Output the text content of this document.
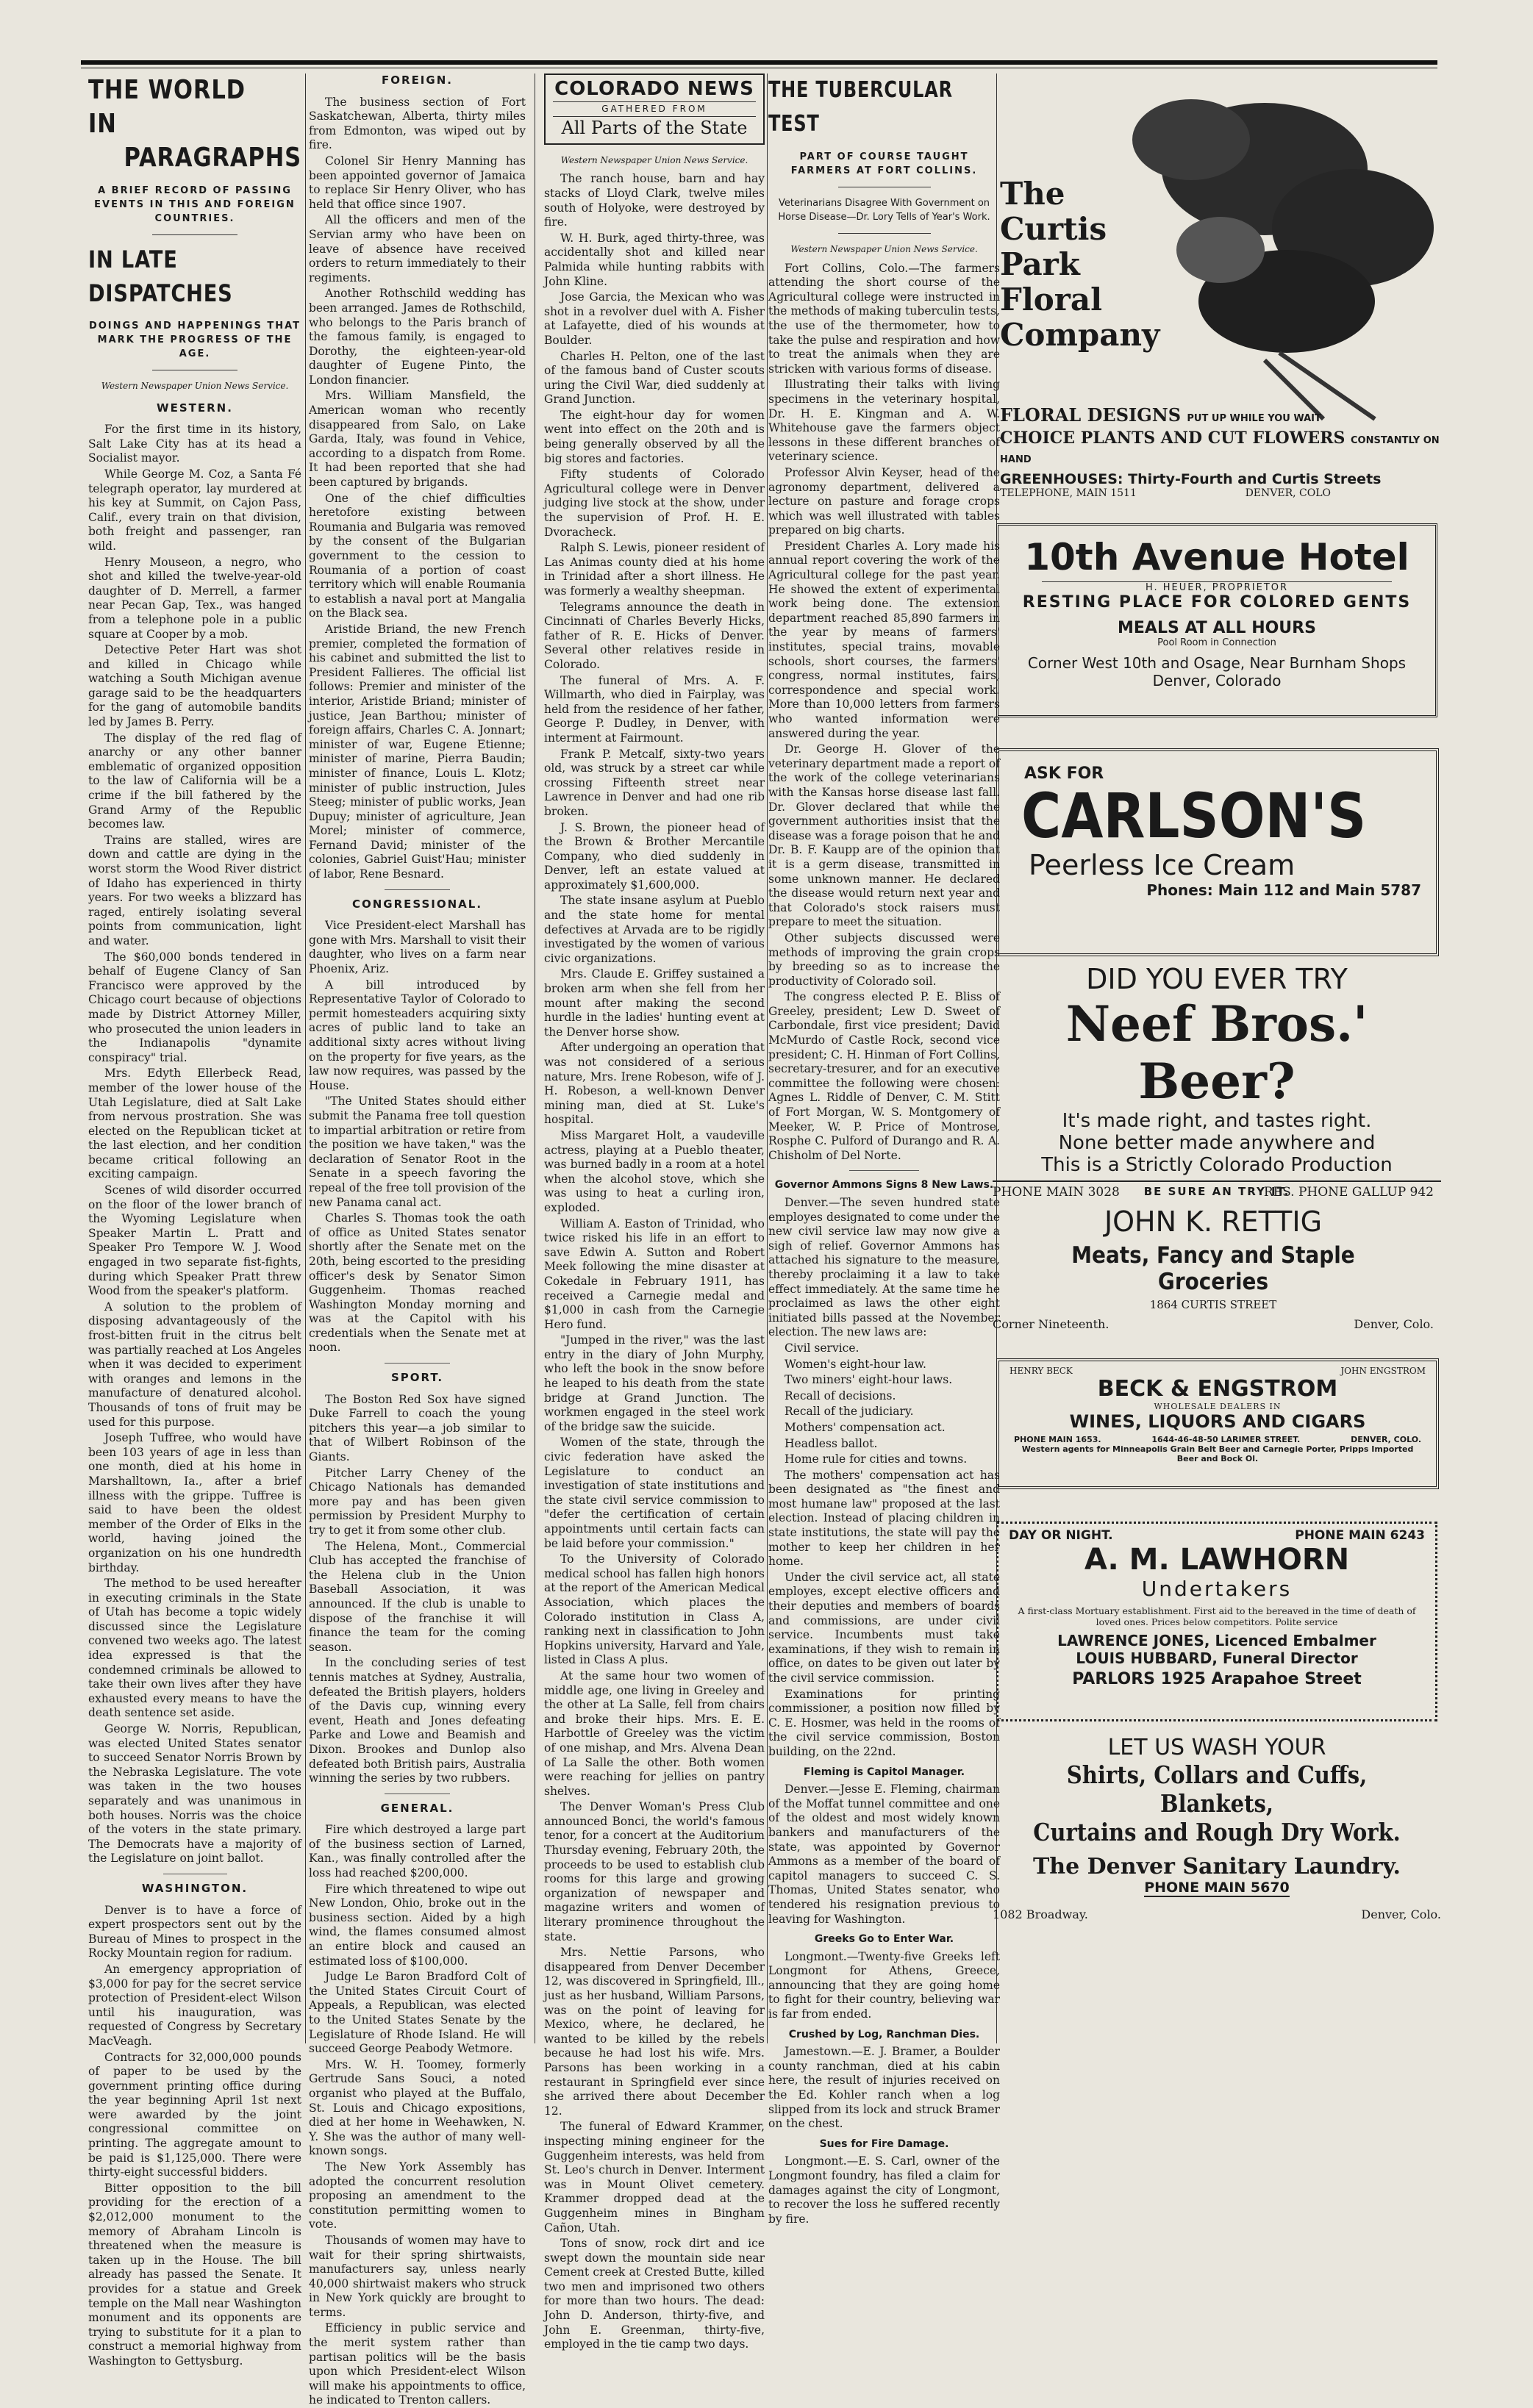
THE WORLD IN
PARAGRAPHS
A BRIEF RECORD OF PASSING EVENTS IN THIS AND FOREIGN COUNTRIES.
IN LATE DISPATCHES
DOINGS AND HAPPENINGS THAT MARK THE PROGRESS OF THE AGE.
Western Newspaper Union News Service.
WESTERN.

For the first time in its history, Salt Lake City has at its head a Socialist mayor.

While George M. Coz, a Santa Fé telegraph operator, lay murdered at his key at Summit, on Cajon Pass, Calif., every train on that division, both freight and passenger, ran wild.

Henry Mouseon, a negro, who shot and killed the twelve-year-old daughter of D. Merrell, a farmer near Pecan Gap, Tex., was hanged from a telephone pole in a public square at Cooper by a mob.

Detective Peter Hart was shot and killed in Chicago while watching a South Michigan avenue garage said to be the headquarters for the gang of automobile bandits led by James B. Perry.

The display of the red flag of anarchy or any other banner emblematic of organized opposition to the law of California will be a crime if the bill fathered by the Grand Army of the Republic becomes law.

Trains are stalled, wires are down and cattle are dying in the worst storm the Wood River district of Idaho has experienced in thirty years. For two weeks a blizzard has raged, entirely isolating several points from communication, light and water.

The $60,000 bonds tendered in behalf of Eugene Clancy of San Francisco were approved by the Chicago court because of objections made by District Attorney Miller, who prosecuted the union leaders in the Indianapolis "dynamite conspiracy" trial.

Mrs. Edyth Ellerbeck Read, member of the lower house of the Utah Legislature, died at Salt Lake from nervous prostration. She was elected on the Republican ticket at the last election, and her condition became critical following an exciting campaign.

Scenes of wild disorder occurred on the floor of the lower branch of the Wyoming Legislature when Speaker Martin L. Pratt and Speaker Pro Tempore W. J. Wood engaged in two separate fist-fights, during which Speaker Pratt threw Wood from the speaker's platform.

A solution to the problem of disposing advantageously of the frost-bitten fruit in the citrus belt was partially reached at Los Angeles when it was decided to experiment with oranges and lemons in the manufacture of denatured alcohol. Thousands of tons of fruit may be used for this purpose.

Joseph Tuffree, who would have been 103 years of age in less than one month, died at his home in Marshalltown, Ia., after a brief illness with the grippe. Tuffree is said to have been the oldest member of the Order of Elks in the world, having joined the organization on his one hundredth birthday.

The method to be used hereafter in executing criminals in the State of Utah has become a topic widely discussed since the Legislature convened two weeks ago. The latest idea expressed is that the condemned criminals be allowed to take their own lives after they have exhausted every means to have the death sentence set aside.

George W. Norris, Republican, was elected United States senator to succeed Senator Norris Brown by the Nebraska Legislature. The vote was taken in the two houses separately and was unanimous in both houses. Norris was the choice of the voters in the state primary. The Democrats have a majority of the Legislature on joint ballot.

WASHINGTON.

Denver is to have a force of expert prospectors sent out by the Bureau of Mines to prospect in the Rocky Mountain region for radium.

An emergency appropriation of $3,000 for pay for the secret service protection of President-elect Wilson until his inauguration, was requested of Congress by Secretary MacVeagh.

Contracts for 32,000,000 pounds of paper to be used by the government printing office during the year beginning April 1st next were awarded by the joint congressional committee on printing. The aggregate amount to be paid is $1,125,000. There were thirty-eight successful bidders.

Bitter opposition to the bill providing for the erection of a $2,012,000 monument to the memory of Abraham Lincoln is threatened when the measure is taken up in the House. The bill already has passed the Senate. It provides for a statue and Greek temple on the Mall near Washington monument and its opponents are trying to substitute for it a plan to construct a memorial highway from Washington to Gettysburg.

FOREIGN.

The business section of Fort Saskatchewan, Alberta, thirty miles from Edmonton, was wiped out by fire.

Colonel Sir Henry Manning has been appointed governor of Jamaica to replace Sir Henry Oliver, who has held that office since 1907.

All the officers and men of the Servian army who have been on leave of absence have received orders to return immediately to their regiments.

Another Rothschild wedding has been arranged. James de Rothschild, who belongs to the Paris branch of the famous family, is engaged to Dorothy, the eighteen-year-old daughter of Eugene Pinto, the London financier.

Mrs. William Mansfield, the American woman who recently disappeared from Salo, on Lake Garda, Italy, was found in Vehice, according to a dispatch from Rome. It had been reported that she had been captured by brigands.

One of the chief difficulties heretofore existing between Roumania and Bulgaria was removed by the consent of the Bulgarian government to the cession to Roumania of a portion of coast territory which will enable Roumania to establish a naval port at Mangalia on the Black sea.

Aristide Briand, the new French premier, completed the formation of his cabinet and submitted the list to President Fallieres. The official list follows: Premier and minister of the interior, Aristide Briand; minister of justice, Jean Barthou; minister of foreign affairs, Charles C. A. Jonnart; minister of war, Eugene Etienne; minister of marine, Pierra Baudin; minister of finance, Louis L. Klotz; minister of public instruction, Jules Steeg; minister of public works, Jean Dupuy; minister of agriculture, Jean Morel; minister of commerce, Fernand David; minister of the colonies, Gabriel Guist'Hau; minister of labor, Rene Besnard.

CONGRESSIONAL.

Vice President-elect Marshall has gone with Mrs. Marshall to visit their daughter, who lives on a farm near Phoenix, Ariz.

A bill introduced by Representative Taylor of Colorado to permit homesteaders acquiring sixty acres of public land to take an additional sixty acres without living on the property for five years, as the law now requires, was passed by the House.

"The United States should either submit the Panama free toll question to impartial arbitration or retire from the position we have taken," was the declaration of Senator Root in the Senate in a speech favoring the repeal of the free toll provision of the new Panama canal act.

Charles S. Thomas took the oath of office as United States senator shortly after the Senate met on the 20th, being escorted to the presiding officer's desk by Senator Simon Guggenheim. Thomas reached Washington Monday morning and was at the Capitol with his credentials when the Senate met at noon.

SPORT.

The Boston Red Sox have signed Duke Farrell to coach the young pitchers this year—a job similar to that of Wilbert Robinson of the Giants.

Pitcher Larry Cheney of the Chicago Nationals has demanded more pay and has been given permission by President Murphy to try to get it from some other club.

The Helena, Mont., Commercial Club has accepted the franchise of the Helena club in the Union Baseball Association, it was announced. If the club is unable to dispose of the franchise it will finance the team for the coming season.

In the concluding series of test tennis matches at Sydney, Australia, defeated the British players, holders of the Davis cup, winning every event, Heath and Jones defeating Parke and Lowe and Beamish and Dixon. Brookes and Dunlop also defeated both British pairs, Australia winning the series by two rubbers.

GENERAL.

Fire which destroyed a large part of the business section of Larned, Kan., was finally controlled after the loss had reached $200,000.

Fire which threatened to wipe out New London, Ohio, broke out in the business section. Aided by a high wind, the flames consumed almost an entire block and caused an estimated loss of $100,000.

Judge Le Baron Bradford Colt of the United States Circuit Court of Appeals, a Republican, was elected to the United States Senate by the Legislature of Rhode Island. He will succeed George Peabody Wetmore.

Mrs. W. H. Toomey, formerly Gertrude Sans Souci, a noted organist who played at the Buffalo, St. Louis and Chicago expositions, died at her home in Weehawken, N. Y. She was the author of many well-known songs.

The New York Assembly has adopted the concurrent resolution proposing an amendment to the constitution permitting women to vote.

Thousands of women may have to wait for their spring shirtwaists, manufacturers say, unless nearly 40,000 shirtwaist makers who struck in New York quickly are brought to terms.

Efficiency in public service and the merit system rather than partisan politics will be the basis upon which President-elect Wilson will make his appointments to office, he indicated to Trenton callers.

COLORADO NEWS
GATHERED FROM
All Parts of the State
Western Newspaper Union News Service.

The ranch house, barn and hay stacks of Lloyd Clark, twelve miles south of Holyoke, were destroyed by fire.

W. H. Burk, aged thirty-three, was accidentally shot and killed near Palmida while hunting rabbits with John Kline.

Jose Garcia, the Mexican who was shot in a revolver duel with A. Fisher at Lafayette, died of his wounds at Boulder.

Charles H. Pelton, one of the last of the famous band of Custer scouts uring the Civil War, died suddenly at Grand Junction.

The eight-hour day for women went into effect on the 20th and is being generally observed by all the big stores and factories.

Fifty students of Colorado Agricultural college were in Denver judging live stock at the show, under the supervision of Prof. H. E. Dvoracheck.

Ralph S. Lewis, pioneer resident of Las Animas county died at his home in Trinidad after a short illness. He was formerly a wealthy sheepman.

Telegrams announce the death in Cincinnati of Charles Beverly Hicks, father of R. E. Hicks of Denver. Several other relatives reside in Colorado.

The funeral of Mrs. A. F. Willmarth, who died in Fairplay, was held from the residence of her father, George P. Dudley, in Denver, with interment at Fairmount.

Frank P. Metcalf, sixty-two years old, was struck by a street car while crossing Fifteenth street near Lawrence in Denver and had one rib broken.

J. S. Brown, the pioneer head of the Brown & Brother Mercantile Company, who died suddenly in Denver, left an estate valued at approximately $1,600,000.

The state insane asylum at Pueblo and the state home for mental defectives at Arvada are to be rigidly investigated by the women of various civic organizations.

Mrs. Claude E. Griffey sustained a broken arm when she fell from her mount after making the second hurdle in the ladies' hunting event at the Denver horse show.

After undergoing an operation that was not considered of a serious nature, Mrs. Irene Robeson, wife of J. H. Robeson, a well-known Denver mining man, died at St. Luke's hospital.

Miss Margaret Holt, a vaudeville actress, playing at a Pueblo theater, was burned badly in a room at a hotel when the alcohol stove, which she was using to heat a curling iron, exploded.

William A. Easton of Trinidad, who twice risked his life in an effort to save Edwin A. Sutton and Robert Meek following the mine disaster at Cokedale in February 1911, has received a Carnegie medal and $1,000 in cash from the Carnegie Hero fund.

"Jumped in the river," was the last entry in the diary of John Murphy, who left the book in the snow before he leaped to his death from the state bridge at Grand Junction. The workmen engaged in the steel work of the bridge saw the suicide.

Women of the state, through the civic federation have asked the Legislature to conduct an investigation of state institutions and the state civil service commission to "defer the certification of certain appointments until certain facts can be laid before your commission."

To the University of Colorado medical school has fallen high honors at the report of the American Medical Association, which places the Colorado institution in Class A, ranking next in classification to John Hopkins university, Harvard and Yale, listed in Class A plus.

At the same hour two women of middle age, one living in Greeley and the other at La Salle, fell from chairs and broke their hips. Mrs. E. E. Harbottle of Greeley was the victim of one mishap, and Mrs. Alvena Dean of La Salle the other. Both women were reaching for jellies on pantry shelves.

The Denver Woman's Press Club announced Bonci, the world's famous tenor, for a concert at the Auditorium Thursday evening, February 20th, the proceeds to be used to establish club rooms for this large and growing organization of newspaper and magazine writers and women of literary prominence throughout the state.

Mrs. Nettie Parsons, who disappeared from Denver December 12, was discovered in Springfield, Ill., just as her husband, William Parsons, was on the point of leaving for Mexico, where, he declared, he wanted to be killed by the rebels because he had lost his wife. Mrs. Parsons has been working in a restaurant in Springfield ever since she arrived there about December 12.

The funeral of Edward Krammer, inspecting mining engineer for the Guggenheim interests, was held from St. Leo's church in Denver. Interment was in Mount Olivet cemetery. Krammer dropped dead at the Guggenheim mines in Bingham Cañon, Utah.

Tons of snow, rock dirt and ice swept down the mountain side near Cement creek at Crested Butte, killed two men and imprisoned two others for more than two hours. The dead: John D. Anderson, thirty-five, and John E. Greenman, thirty-five, employed in the tie camp two days.

THE TUBERCULAR TEST
PART OF COURSE TAUGHT FARMERS AT FORT COLLINS.
Veterinarians Disagree With Government on Horse Disease—Dr. Lory Tells of Year's Work.
Western Newspaper Union News Service.

Fort Collins, Colo.—The farmers attending the short course of the Agricultural college were instructed in the methods of making tuberculin tests, the use of the thermometer, how to take the pulse and respiration and how to treat the animals when they are stricken with various forms of disease.

Illustrating their talks with living specimens in the veterinary hospital, Dr. H. E. Kingman and A. W. Whitehouse gave the farmers object lessons in these different branches of veterinary science.

Professor Alvin Keyser, head of the agronomy department, delivered a lecture on pasture and forage crops which was well illustrated with tables prepared on big charts.

President Charles A. Lory made his annual report covering the work of the Agricultural college for the past year. He showed the extent of experimental work being done. The extension department reached 85,890 farmers in the year by means of farmers' institutes, special trains, movable schools, short courses, the farmers' congress, normal institutes, fairs, correspondence and special work. More than 10,000 letters from farmers who wanted information were answered during the year.

Dr. George H. Glover of the veterinary department made a report of the work of the college veterinarians with the Kansas horse disease last fall. Dr. Glover declared that while the government authorities insist that the disease was a forage poison that he and Dr. B. F. Kaupp are of the opinion that it is a germ disease, transmitted in some unknown manner. He declared the disease would return next year and that Colorado's stock raisers must prepare to meet the situation.

Other subjects discussed were methods of improving the grain crops by breeding so as to increase the productivity of Colorado soil.

The congress elected P. E. Bliss of Greeley, president; Lew D. Sweet of Carbondale, first vice president; David McMurdo of Castle Rock, second vice president; C. H. Hinman of Fort Collins, secretary-tresurer, and for an executive committee the following were chosen: Agnes L. Riddle of Denver, C. M. Stitt of Fort Morgan, W. S. Montgomery of Meeker, W. P. Price of Montrose, Rosphe C. Pulford of Durango and R. A. Chisholm of Del Norte.

Governor Ammons Signs 8 New Laws.

Denver.—The seven hundred state employes designated to come under the new civil service law may now give a sigh of relief. Governor Ammons has attached his signature to the measure, thereby proclaiming it a law to take effect immediately. At the same time he proclaimed as laws the other eight initiated bills passed at the November election. The new laws are:

Civil service.

Women's eight-hour law.

Two miners' eight-hour laws.

Recall of decisions.

Recall of the judiciary.

Mothers' compensation act.

Headless ballot.

Home rule for cities and towns.

The mothers' compensation act has been designated as "the finest and most humane law" proposed at the last election. Instead of placing children in state institutions, the state will pay the mother to keep her children in her home.

Under the civil service act, all state employes, except elective officers and their deputies and members of boards and commissions, are under civil service. Incumbents must take examinations, if they wish to remain in office, on dates to be given out later by the civil service commission.

Examinations for printing commissioner, a position now filled by C. E. Hosmer, was held in the rooms of the civil service commission, Boston building, on the 22nd.

Fleming is Capitol Manager.

Denver.—Jesse E. Fleming, chairman of the Moffat tunnel committee and one of the oldest and most widely known bankers and manufacturers of the state, was appointed by Governor Ammons as a member of the board of capitol managers to succeed C. S. Thomas, United States senator, who tendered his resignation previous to leaving for Washington.

Greeks Go to Enter War.

Longmont.—Twenty-five Greeks left Longmont for Athens, Greece, announcing that they are going home to fight for their country, believing war is far from ended.

Crushed by Log, Ranchman Dies.

Jamestown.—E. J. Bramer, a Boulder county ranchman, died at his cabin here, the result of injuries received on the Ed. Kohler ranch when a log slipped from its lock and struck Bramer on the chest.

Sues for Fire Damage.

Longmont.—E. S. Carl, owner of the Longmont foundry, has filed a claim for damages against the city of Longmont, to recover the loss he suffered recently by fire.

The
Curtis
Park
Floral
Company
FLORAL DESIGNS PUT UP WHILE YOU WAIT
CHOICE PLANTS AND CUT FLOWERS CONSTANTLY ON HAND
GREENHOUSES: Thirty-Fourth and Curtis Streets
TELEPHONE, MAIN 1511	DENVER, COLO
10th Avenue Hotel
H. HEUER, PROPRIETOR
RESTING PLACE FOR COLORED GENTS
MEALS AT ALL HOURS
Pool Room in Connection
Corner West 10th and Osage, Near Burnham Shops
Denver, Colorado
ASK FOR
CARLSON'S
Peerless Ice Cream
Phones: Main 112 and Main 5787
DID YOU EVER TRY
Neef Bros.' Beer?
It's made right, and tastes right.
None better made anywhere and
This is a Strictly Colorado Production
BE SURE AN TRY IT.
PHONE MAIN 3028	RES. PHONE GALLUP 942
JOHN K. RETTIG
Meats, Fancy and Staple Groceries
1864 CURTIS STREET
Corner Nineteenth.	Denver, Colo.
HENRY BECK	JOHN ENGSTROM
BECK & ENGSTROM
WHOLESALE DEALERS IN
WINES, LIQUORS AND CIGARS
PHONE MAIN 1653.	1644-46-48-50 LARIMER STREET.	DENVER, COLO.
Western agents for Minneapolis Grain Belt Beer and Carnegie Porter, Pripps Imported Beer and Bock Ol.
DAY OR NIGHT.	PHONE MAIN 6243
A. M. LAWHORN
Undertakers
A first-class Mortuary establishment. First aid to the bereaved in the time of death of loved ones. Prices below competitors. Polite service
LAWRENCE JONES, Licenced Embalmer
LOUIS HUBBARD, Funeral Director
PARLORS 1925 Arapahoe Street
LET US WASH YOUR
Shirts, Collars and Cuffs, Blankets,
Curtains and Rough Dry Work.
The Denver Sanitary Laundry.
PHONE MAIN 5670
1082 Broadway.	Denver, Colo.
